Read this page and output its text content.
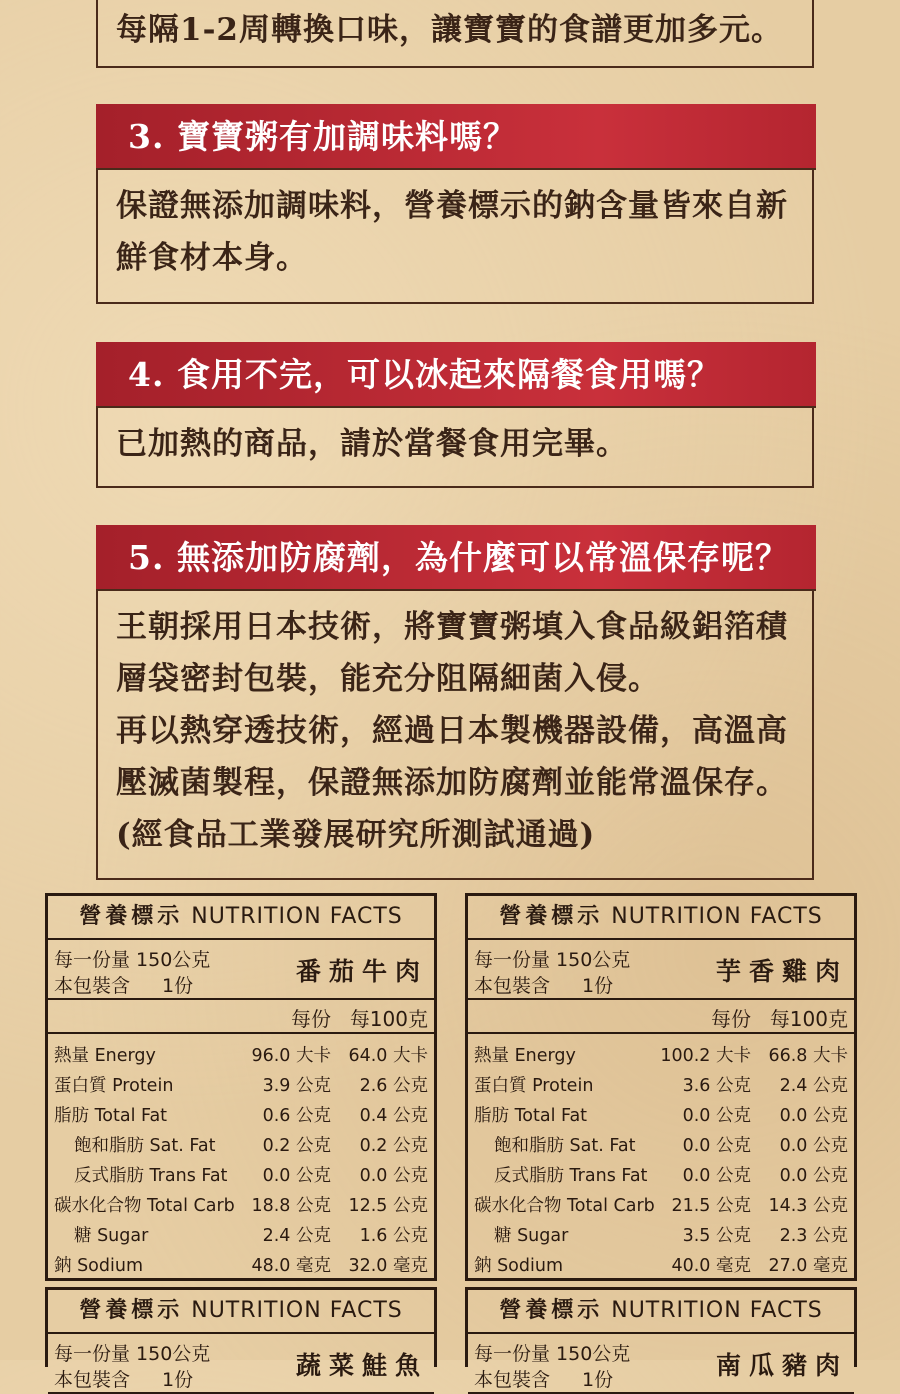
每隔1-2周轉換口味，讓寶寶的食譜更加多元。
3. 寶寶粥有加調味料嗎？
保證無添加調味料，營養標示的鈉含量皆來自新
鮮食材本身。
4. 食用不完，可以冰起來隔餐食用嗎？
已加熱的商品，請於當餐食用完畢。
5. 無添加防腐劑，為什麼可以常溫保存呢？
王朝採用日本技術，將寶寶粥填入食品級鋁箔積
層袋密封包裝，能充分阻隔細菌入侵。
再以熱穿透技術，經過日本製機器設備，高溫高
壓滅菌製程，保證無添加防腐劑並能常溫保存。
(經食品工業發展研究所測試通過)
營養標示 NUTRITION FACTS
每一份量 150公克
本包裝含 1份	番茄牛肉
每份 每100克
熱量 Energy	96.0 大卡 64.0 大卡
蛋白質 Protein	3.9 公克 2.6 公克
脂肪 Total Fat	0.6 公克 0.4 公克
飽和脂肪 Sat. Fat	0.2 公克 0.2 公克
反式脂肪 Trans Fat 0.0 公克 0.0 公克
碳水化合物 Total Carb 18.8 公克 12.5 公克
糖 Sugar	2.4 公克 1.6 公克
鈉 Sodium	48.0 毫克 32.0 毫克
營養標示 NUTRITION FACTS
每一份量 150公克
本包裝含 1份	芋香雞肉
每份 每100克
熱量 Energy	100.2 大卡 66.8 大卡
蛋白質 Protein	3.6 公克 2.4 公克
脂肪 Total Fat	0.0 公克 0.0 公克
飽和脂肪 Sat. Fat	0.0 公克 0.0 公克
反式脂肪 Trans Fat 0.0 公克 0.0 公克
碳水化合物 Total Carb 21.5 公克 14.3 公克
糖 Sugar	3.5 公克 2.3 公克
鈉 Sodium	40.0 毫克 27.0 毫克
營養標示 NUTRITION FACTS
每一份量 150公克
本包裝含 1份	蔬菜鮭魚
營養標示 NUTRITION FACTS
每一份量 150公克
本包裝含 1份	南瓜豬肉
